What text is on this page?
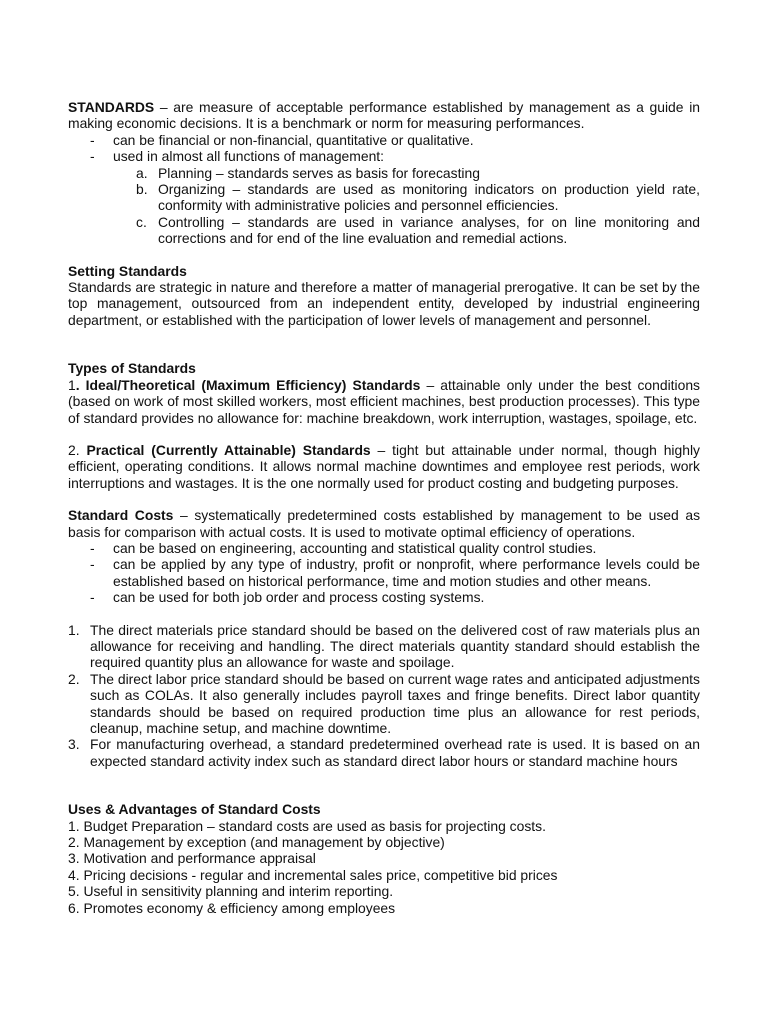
STANDARDS – are measure of acceptable performance established by management as a guide in making economic decisions. It is a benchmark or norm for measuring performances.

- can be financial or non-financial, quantitative or qualitative.
- used in almost all functions of management:
a. Planning – standards serves as basis for forecasting
b. Organizing – standards are used as monitoring indicators on production yield rate, conformity with administrative policies and personnel efficiencies.
c. Controlling – standards are used in variance analyses, for on line monitoring and corrections and for end of the line evaluation and remedial actions.

Setting Standards

Standards are strategic in nature and therefore a matter of managerial prerogative. It can be set by the top management, outsourced from an independent entity, developed by industrial engineering department, or established with the participation of lower levels of management and personnel.

Types of Standards

1. Ideal/Theoretical (Maximum Efficiency) Standards – attainable only under the best conditions (based on work of most skilled workers, most efficient machines, best production processes). This type of standard provides no allowance for: machine breakdown, work interruption, wastages, spoilage, etc.

2. Practical (Currently Attainable) Standards – tight but attainable under normal, though highly efficient, operating conditions. It allows normal machine downtimes and employee rest periods, work interruptions and wastages. It is the one normally used for product costing and budgeting purposes.

Standard Costs – systematically predetermined costs established by management to be used as basis for comparison with actual costs. It is used to motivate optimal efficiency of operations.

- can be based on engineering, accounting and statistical quality control studies.
- can be applied by any type of industry, profit or nonprofit, where performance levels could be established based on historical performance, time and motion studies and other means.
- can be used for both job order and process costing systems.
1. The direct materials price standard should be based on the delivered cost of raw materials plus an allowance for receiving and handling. The direct materials quantity standard should establish the required quantity plus an allowance for waste and spoilage.
2. The direct labor price standard should be based on current wage rates and anticipated adjustments such as COLAs. It also generally includes payroll taxes and fringe benefits. Direct labor quantity standards should be based on required production time plus an allowance for rest periods, cleanup, machine setup, and machine downtime.
3. For manufacturing overhead, a standard predetermined overhead rate is used. It is based on an expected standard activity index such as standard direct labor hours or standard machine hours

Uses & Advantages of Standard Costs

1. Budget Preparation – standard costs are used as basis for projecting costs.

2. Management by exception (and management by objective)

3. Motivation and performance appraisal

4. Pricing decisions - regular and incremental sales price, competitive bid prices

5. Useful in sensitivity planning and interim reporting.

6. Promotes economy & efficiency among employees
